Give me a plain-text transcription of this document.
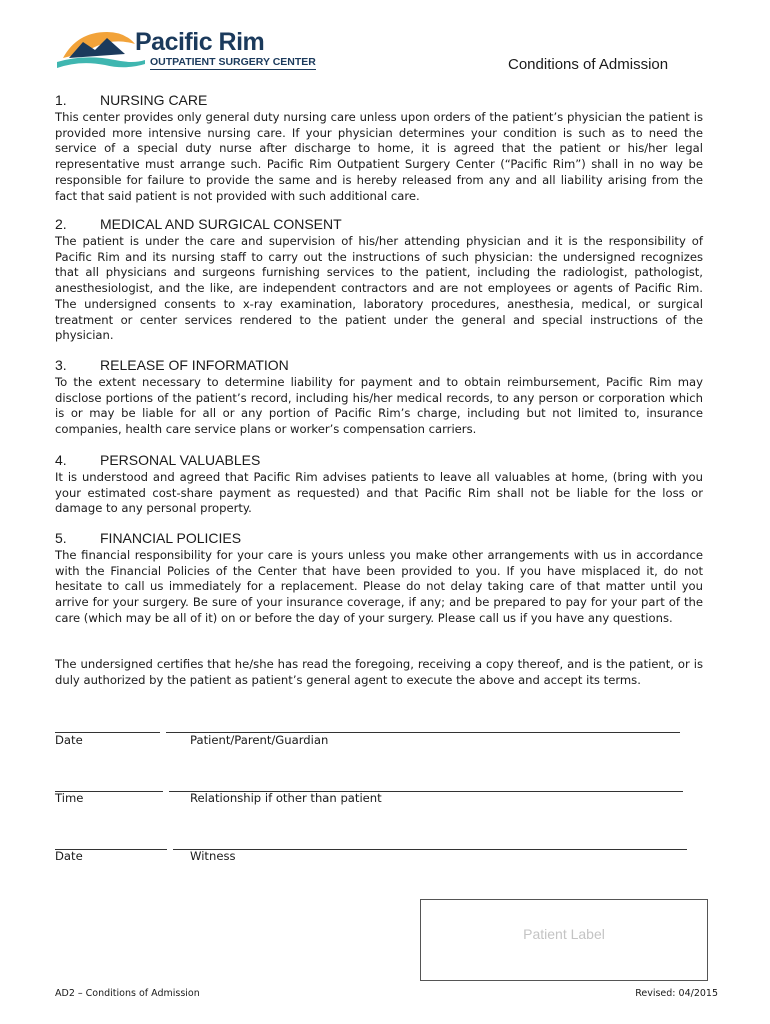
Pacific Rim
OUTPATIENT SURGERY CENTER	Conditions of Admission
1. NURSING CARE

This center provides only general duty nursing care unless upon orders of the patient’s physician the patient is provided more intensive nursing care. If your physician determines your condition is such as to need the service of a special duty nurse after discharge to home, it is agreed that the patient or his/her legal representative must arrange such. Pacific Rim Outpatient Surgery Center (“Pacific Rim”) shall in no way be responsible for failure to provide the same and is hereby released from any and all liability arising from the fact that said patient is not provided with such additional care.

2. MEDICAL AND SURGICAL CONSENT

The patient is under the care and supervision of his/her attending physician and it is the responsibility of Pacific Rim and its nursing staff to carry out the instructions of such physician: the undersigned recognizes that all physicians and surgeons furnishing services to the patient, including the radiologist, pathologist, anesthesiologist, and the like, are independent contractors and are not employees or agents of Pacific Rim. The undersigned consents to x-ray examination, laboratory procedures, anesthesia, medical, or surgical treatment or center services rendered to the patient under the general and special instructions of the physician.

3. RELEASE OF INFORMATION

To the extent necessary to determine liability for payment and to obtain reimbursement, Pacific Rim may disclose portions of the patient’s record, including his/her medical records, to any person or corporation which is or may be liable for all or any portion of Pacific Rim’s charge, including but not limited to, insurance companies, health care service plans or worker’s compensation carriers.

4. PERSONAL VALUABLES

It is understood and agreed that Pacific Rim advises patients to leave all valuables at home, (bring with you your estimated cost-share payment as requested) and that Pacific Rim shall not be liable for the loss or damage to any personal property.

5. FINANCIAL POLICIES

The financial responsibility for your care is yours unless you make other arrangements with us in accordance with the Financial Policies of the Center that have been provided to you. If you have misplaced it, do not hesitate to call us immediately for a replacement. Please do not delay taking care of that matter until you arrive for your surgery. Be sure of your insurance coverage, if any; and be prepared to pay for your part of the care (which may be all of it) on or before the day of your surgery. Please call us if you have any questions.

The undersigned certifies that he/she has read the foregoing, receiving a copy thereof, and is the patient, or is duly authorized by the patient as patient’s general agent to execute the above and accept its terms.

Date	Patient/Parent/Guardian
Time	Relationship if other than patient
Date	Witness
Patient Label
AD2 – Conditions of Admission	Revised: 04/2015
